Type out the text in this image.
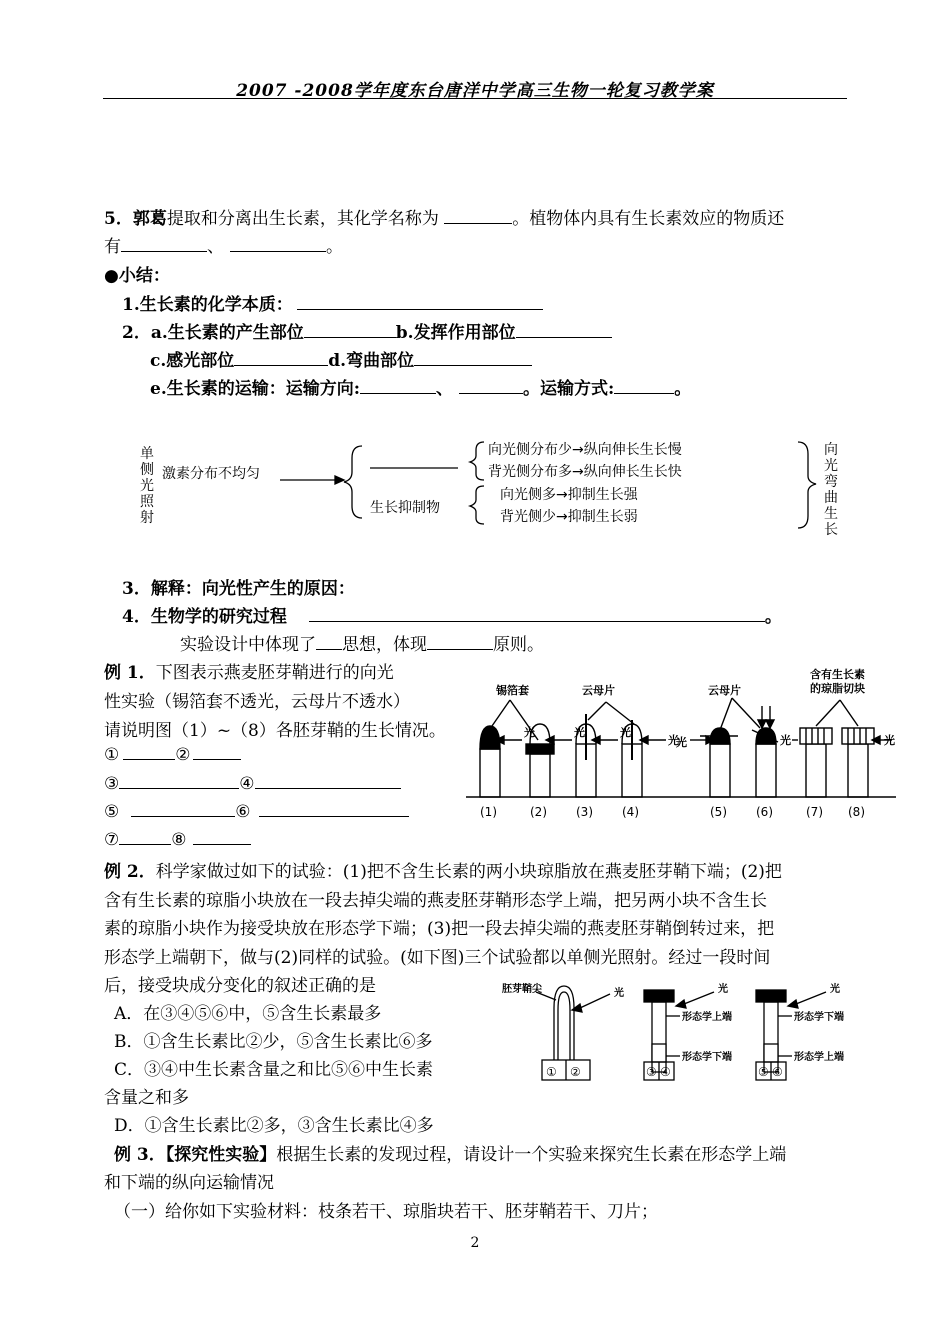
2007 -2008学年度东台唐洋中学高三生物一轮复习教学案
5．郭葛提取和分离出生长素，其化学名称为	。植物体内具有生长素效应的物质还
有	、	。
●小结：
1.生长素的化学本质：
2．a.生长素的产生部位	b.发挥作用部位
c.感光部位	d.弯曲部位
e.生长素的运输：运输方向:	、	。运输方式:	。
单
侧
光
照
射
激素分布不均匀
生长抑制物
向光侧分布少→纵向伸长生长慢
背光侧分布多→纵向伸长生长快
向光侧多→抑制生长强
背光侧少→抑制生长弱
向
光
弯
曲
生
长
3．解释：向光性产生的原因：
4．生物学的研究过程	。
实验设计中体现了 思想，体现	原则。
例 1．下图表示燕麦胚芽鞘进行的向光
性实验（锡箔套不透光，云母片不透水）
请说明图（1）~（8）各胚芽鞘的生长情况。
①	②
③	④
⑤	⑥
⑦	⑧
锡箔套	云母片	云母片
含有生长素
的琼脂切块
光	光	光
光
光	光	光
(1)	(2) (3) (4)	(5) (6)	(7) (8)
例 2．科学家做过如下的试验：(1)把不含生长素的两小块琼脂放在燕麦胚芽鞘下端；(2)把
含有生长素的琼脂小块放在一段去掉尖端的燕麦胚芽鞘形态学上端，把另两小块不含生长
素的琼脂小块作为接受块放在形态学下端；(3)把一段去掉尖端的燕麦胚芽鞘倒转过来，把
形态学上端朝下，做与(2)同样的试验。(如下图)三个试验都以单侧光照射。经过一段时间
后，接受块成分变化的叙述正确的是
A．在③④⑤⑥中，⑤含生长素最多
B．①含生长素比②少，⑤含生长素比⑥多
C．③④中生长素含量之和比⑤⑥中生长素
含量之和多
D．①含生长素比②多，③含生长素比④多
胚芽鞘尖	光	光	光
形态学上端
形态学下端
形态学下端
形态学上端
① ②	③ ④	⑤ ⑥
例 3．【探究性实验】根据生长素的发现过程，请设计一个实验来探究生长素在形态学上端
和下端的纵向运输情况
（一）给你如下实验材料：枝条若干、琼脂块若干、胚芽鞘若干、刀片；
2
